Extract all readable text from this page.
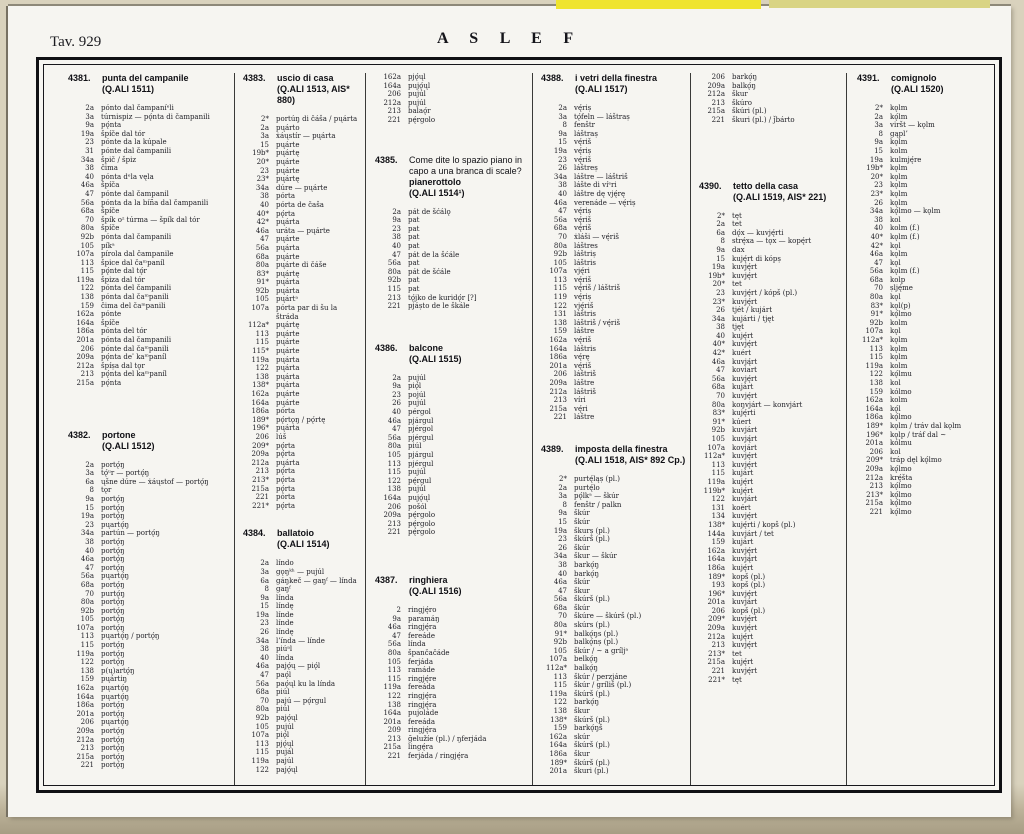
Tav. 929	A S L E F
4381.	punta del campanile
(Q.ALI 1511)
2a	pónto dal čampaníᵉli
3a	túrnispiz — pǫ́nta di čampanili
9a	pǫ́nta
19a	špíče dal tór
23	pónte da la kúpale
31	pónte dal čampanili
34a	špič / špiz
38	čima
40	pónta dᵉla vęla
46a	špíča
47	pónte dal čampanil
56a	pónta da la bíña dal čampanili
68a	špíče
70	špík oᶻ túrma — špík dal tór
80a	špíče
92b	pónta dal čampanili
105	píkᵃ
107a	pírola dal čampanile
113	špice dal čaᵐpaníl
115	pǫ́nte dal tǫ́r
119a	špiza dal tór
122	pónta del čampanili
138	pónta dal čaᵐpanili
159	čima del čaᵐpanili
162a	pónte
164a	špíče
186a	pónta del tór
201a	pónta dal čampanili
206	pónte dal čaᵐpanili
209a	pǫ́nta deˈ kaᵐpaníl
212a	špíṣa dal tǫr
213	pǫ́nta del kaᵐpaníl
215a	pǫ́nta
4382.	portone
(Q.ALI 1512)
2a	portǫ́ŋ
3a	tǫ́ᵘr — portǫ́ŋ
6a	ųšne dúre — ẋáųstof — portǫ́ŋ
8	tǫr
9a	portǫ́ŋ
15	portǫ́ŋ
19a	portǫ́ŋ
23	pųartǫ́ŋ
34a	partún — portǫ́ŋ
38	portǫ́ŋ
40	portǫ́ŋ
46a	portǫ́ŋ
47	portǫ́ŋ
56a	pųartǫ́ŋ
68a	portǫ́ŋ
70	purtǫ́ŋ
80a	portǫ́ŋ
92b	portǫ́ŋ
105	portǫ́ŋ
107a	portǫ́ŋ
113	pųartǫ́ŋ / portǫ́ŋ
115	portǫ́ŋ
119a	portǫ́ŋ
122	portǫ́ŋ
138	p(ų)artǫ́ŋ
159	pųártiŋ
162a	pųartǫ́ŋ
164a	pųartǫ́ŋ
186a	portǫ́ŋ
201a	portǫ́ŋ
206	pųartǫ́ŋ
209a	portǫ́ŋ
212a	portǫ́ŋ
213	portǫ́ŋ
215a	portǫ́ŋ
221	portǫ́ŋ
4383.	uscio di casa
(Q.ALI 1513, AIS* 880)
2*	portúŋ di čáša / pųárta
2a	pųárto
3a	ẋáųstír — pųárta
15	pųárte
19b*	pųártę
20*	pųárte
23	pųárte
23*	pųártę
34a	dúre — pųárte
38	pórta
40	pórta de čaša
40*	pǫ́rta
42*	pųárta
46a	uráta — pųárte
47	pųárte
56a	pųárta
68a	pųárte
80a	pųárte di čáše
83*	pųártę
91*	pųárta
92b	pųárta
105	pųártᵃ
107a	pórta par di šu la štráda
112a*	pųártę
113	pųárte
115	pųárte
115*	pųárte
119a	pųárta
122	pųárta
138	pųárta
138*	pųárta
162a	pųárte
164a	pųárte
186a	pórta
189*	pǫ́rtǫŋ / pǫ́rtę
196*	pųárta
206	lúš
209*	pǫ́rta
209a	pǫ́rta
212a	pųárta
213	pǫ́rta
213*	pǫ́rta
215a	pǫ́rta
221	pórta
221*	pǫ́rta
4384.	ballatoio
(Q.ALI 1514)
2a	líndo
3a	gǫŋᵏʰ — pujúl
6a	gáŋkeč — gaŋᶠ — línda
8	gaŋᶠ
9a	línda
15	líndę
19a	línde
23	línde
26	líndę
34a	lʼínda — línde
38	piúᵃl
40	línda
46a	pajǫ́ų — piǫ́l
47	paǫ́l
56a	paǫ́ųl ku la línda
68a	piúl
70	pajú — pǫ́rgul
80a	piúl
92b	pajǫ́ųl
105	pujúl
107a	piǫ́l
113	pjǫ́ųl
115	pujál
119a	pajúl
122	pajǫ́ųl
162a	pjǫ́ųl
164a	pujǫ́ųl
206	pujúl
212a	pujúl
213	balaǫ́r
221	pę́rgolo
4385.	Come dite lo spazio piano in capo a una branca di scale?
pianerottolo
(Q.ALI 1514¹)
2a	pát de šćálǫ
9a	pat
23	pat
38	pat
40	pat
47	pát de la šćále
56a	pat
80a	pát de šćále
92b	pat
115	pat
213	tǫ́jko de kuridǫ́r [?]
221	pjáṣto de le škále
4386.	balcone
(Q.ALI 1515)
2a	pujúl
9a	piǫ́l
23	pojúl
26	pujúl
40	pérgol
46a	pjárgul
47	pjérgol
56a	pjérgul
80a	piúl
105	pjárgul
113	pjérgul
115	pujúl
122	pę́rgul
138	pujúl
164a	pujǫ́ųl
206	pošól
209a	pę́rgolo
213	pę́rgolo
221	pę́rgolo
4387.	ringhiera
(Q.ALI 1516)
2	ringję́ro
9a	paramáŋ
46a	ringję́ra
47	fereáde
56a	línda
80a	špančačáde
105	ferjáda
113	ramáde
115	ringję́re
119a	fereáda
122	ringję́ra
138	ringję́ra
164a	pujoláde
201a	fereáda
209	ringję́ra
213	ğelužíe (pl.) / ŋferjáda
215a	lingę́ra
221	ferjáda / ringję́ra
4388.	i vetri della finestra
(Q.ALI 1517)
2a	vę́riṣ
3a	tǫ́feln — láštraṣ
8	fenštr
9a	láštraṣ
15	vę́riš
19a	vę́riṣ
23	vę́riš
26	láštreṣ
34a	láštre — láštriš
38	lášte di víᵉri
40	láštre dę vję́rę
46a	verenáde — vę́riṣ
47	vę́riṣ
56a	vę́riš
68a	vę́riš
70	ẋláši — vę́riš
80a	láštres
92b	láštriṣ
105	láštris
107a	vję́ri
113	vę́riš
115	vę́riš / láštriš
119	vę́riṣ
122	vję́riš
131	láštris
138	láštriš / vę́riš
159	láštre
162a	vę́riš
164a	láštris
186a	vę́rę
201a	vę́riš
206	láštriš
209a	láštre
212a	láštriš
213	víri
215a	vę́ri
221	láštre
4389.	imposta della finestra
(Q.ALI 1518, AIS* 892 Cp.)
2*	purtę́ląṣ (pl.)
2a	purtę́lo
3a	pǫ́lkᵃ — škúr
8	fenštr / palkn
9a	škúr
15	škúr
19a	škurṣ (pl.)
23	škúrš (pl.)
26	škúr
34a	škur — škúr
38	barkǫ́ŋ
40	barkǫ́ŋ
46a	škúr
47	škur
56a	škúrš (pl.)
68a	škúr
70	škúre — škúrš (pl.)
80a	skúrs (pl.)
91*	balkǫ́ŋs (pl.)
92b	balkǫ́nṣ (pl.)
105	škúr / ~ a gríljᵃ
107a	belkǫ́ŋ
112a*	balkǫ́ŋ
113	škúr / perzjáne
115	škúr / gríliš (pl.)
119a	škúrš (pl.)
122	barkǫ́ŋ
138	škur
138*	škúrš (pl.)
159	barkǫ́ŋš
162a	skúr
164a	škúrš (pl.)
186a	škur
189*	škúrš (pl.)
201a	škuri (pl.)
206	barkǫ́ŋ
209a	balkǫ́ŋ
212a	škur
213	škúro
215a	škúri (pl.)
221	škuri (pl.) / ǰbárto
4390.	tetto della casa
(Q.ALI 1519, AIS* 221)
2*	tęt
2a	tet
6a	dǫ́x — kuvję́rti
8	strę́xa — tǫx — kopę́rt
9a	dax
15	kuję́rt di kópṣ
19a	kuvję́rt
19b*	kuvję́rt
20*	tet
23	kuvję́rt / kópš (pl.)
23*	kuvję́rt
26	tjét / kujárt
34a	kujárti / tjęt
38	tjęt
40	kuję́rt
40*	kuvję́rt
42*	kuért
46a	kuvją́rt
47	koviart
56a	kuvję́rt
68a	kujárt
70	kuvję́rt
80a	koŋvjárt — konvjárt
83*	kuję́rti
91*	kúert
92b	kuvjárt
105	kuvją́rt
107a	kovjárt
112a*	kuvję́rt
113	kuvję́rt
115	kujárt
119a	kuję́rt
119b*	kuję́rt
122	kuvjárt
131	koért
134	kuvję́rt
138*	kuję́rti / kopš (pl.)
144a	kuvjárt / tet
159	kujárt
162a	kuvję́rt
164a	kuvją́rt
186a	kuję́rt
189*	kopš (pl.)
193	kopš (pl.)
196*	kuvję́rt
201a	kuvjárt
206	kopš (pl.)
209*	kuvję́rt
209a	kuvję́rt
212a	kuję́rt
213	kuvję́rt
213*	tet
215a	kuję́rt
221	kuvję́rt
221*	tęt
4391.	comignolo
(Q.ALI 1520)
2*	kǫlm
2a	kǫ́lm
3a	viršt — kǫlm
8	gąplʼ
9a	kǫlm
15	kolm
19a	kulmję́re
19b*	kǫlm
20*	kǫlm
23	kǫlm
23*	kǫlm
26	kǫlm
34a	kǫ́lmo — kǫlm
38	kol
40	kolm (f.)
40*	kǫlm (f.)
42*	kǫl
46a	kǫlm
47	kǫl
56a	kǫlm (f.)
68a	kolp
70	ṣlję́me
80a	kǫl
83*	kǫl(p)
91*	kǫ́lmo
92b	kolm
107a	kǫl
112a*	kǫlm
113	kǫlm
115	kǫlm
119a	kolm
122	kǫ́lmu
138	kol
159	kólmo
162a	kolm
164a	kǫ́l
186a	kǫ́lmo
189*	kǫlm / tráv dal kǫlm
196*	kǫlp / tráf dal ~
201a	kólmu
206	kol
209*	tráp dęl kǫ́lmo
209a	kǫ́lmo
212a	krę́šta
213	kǫ́lmo
213*	kǫ́lmo
215a	kǫ́lmo
221	kǫ́lmo
